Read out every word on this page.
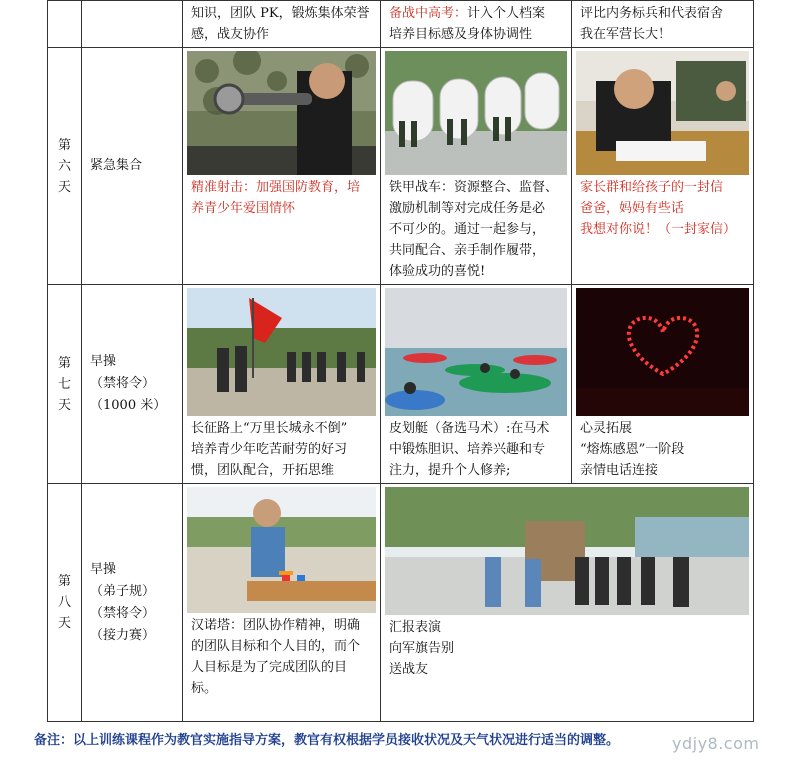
		知识，团队 PK，锻炼集体荣誉
感，战友协作	备战中高考：计入个人档案
培养目标感及身体协调性	评比内务标兵和代表宿舍
我在军营长大！

第
六
天	紧急集合	精准射击：加强国防教育，培
养青少年爱国情怀	铁甲战车：资源整合、监督、
激励机制等对完成任务是必
不可少的。通过一起参与，
共同配合、亲手制作履带，
体验成功的喜悦!	家长群和给孩子的一封信
爸爸，妈妈有些话
我想对你说！（一封家信）

第
七
天	早操
（禁将令）
（1000 米）	长征路上“万里长城永不倒”
培养青少年吃苦耐劳的好习
惯，团队配合，开拓思维	皮划艇（备选马术）:在马术
中锻炼胆识、培养兴趣和专
注力，提升个人修养;	心灵拓展
“熔炼感恩”一阶段
亲情电话连接

第
八
天	早操
（弟子规）
（禁将令）
（接力赛）	汉诺塔：团队协作精神，明确
的团队目标和个人目的，而个
人目标是为了完成团队的目
标。	汇报表演
向军旗告别
送战友	
备注：以上训练课程作为教官实施指导方案，教官有权根据学员接收状况及天气状况进行适当的调整。	ydjy8.com
